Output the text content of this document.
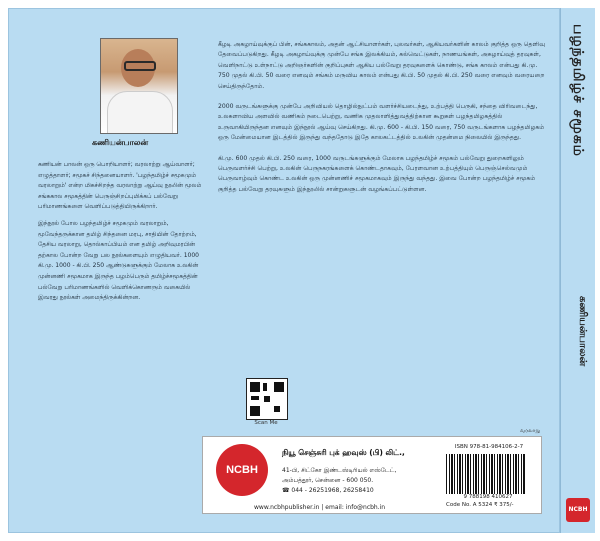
கணியன்பாலன்

கணியன் பாலன் ஒரு பொறியாளர்; வரலாற்று ஆய்வாளர்; எழுத்தாளர்; சமூகச் சிந்தனையாளர். 'பழந்தமிழ்ச் சமூகமும் வரலாறும்' என்ற மிகச்சிறந்த வரலாற்று ஆய்வு நூலின் மூலம் சங்ககால சமூகத்தின் பெருஞ்சிறப்புமிக்கப் பல்வேறு பரிமாணங்களை வெளிப்படுத்தியிருக்கிறார்.

இந்நூல் போல பழந்தமிழ்ச் சமூகமும் வரலாறும், மூவேந்தருக்கான தமிழ் சிந்தனை மரபு, சாதியின் தோற்றம், தேசிய வரலாறு, தொல்காப்பியம் என தமிழ் அறிவுமரபின் தற்கால போன்ற வேறு பல நூல்களையும் எழுதியவர். 1000 கி.மு. 1000 - கி.பி. 250 ஆண்டுகளுக்கும் மேலாக உலகின் முன்னணி சமூகமாக இருந்த பழம்பெரும் தமிழ்ச்சமூகத்தின் பல்வேறு பரிமாணங்களில் வெளிக்கொணரும் வகையில் இவரது நூல்கள் அமைந்திருக்கின்றன.

கீழடி அகழாய்வுக்குப் பின், சங்ககாலம், அதன் ஆட்சியாளர்கள், புலவர்கள், ஆகியவர்களின் காலம் குறித்த ஒரு தெளிவு தேவைப்படுகிறது. கீழடி அகழாய்வுக்கு முன்பே சங்க இலக்கியம், கல்வெட்டுகள், நாணயங்கள், அகழாய்வுத் தரவுகள், வெளிநாட்டு உள்நாட்டு அறிஞர்களின் குறிப்புகள் ஆகிய பல்வேறு தரவுகளைக் கொண்டு, சங்க காலம் என்பது கி.மு. 750 முதல் கி.பி. 50 வரை எனவும் சங்கம் மருவிய காலம் என்பது கி.பி. 50 முதல் கி.பி. 250 வரை எனவும் வரையறை செய்திருந்தோம்.

2000 வருடங்களுக்கு முன்பே அறிவியல் தொழில்நுட்பம் வளர்ச்சியடைந்து, உற்பத்தி பெருகி, சந்தை விரிவடைந்து, உலகளாவிய அளவில் வணிகம் நடைபெற்று, வணிக முதலாளித்துவத்திற்கான கூறுகள் பழந்தமிழகத்தில் உருவாகியிருந்தன எனவும் இந்நூல் ஆய்வு செய்கிறது. கி.மு. 600 - கி.பி. 150 வரை, 750 வருடங்களாக பழந்தமிழகம் ஒரு மேன்மையான இடத்தில் இருந்து வந்ததோடு இதே காலகட்டத்தில் உலகின் முதன்மை நிலையில் இருந்தது.

கி.மு. 600 முதல் கி.பி. 250 வரை, 1000 வருடங்களுக்கும் மேலாக பழந்தமிழ்ச் சமூகம் பல்வேறு துறைகளிலும் பெருவளர்ச்சி பெற்று, உலகின் பெருநகரங்களைக் கொண்டதாகவும், பேரளவான உற்பத்தியும் பெருஞ்செல்வமும் பெருவாழ்வும் கொண்ட உலகின் ஒரு முன்னணிச் சமூகமாகவும் இருந்து வந்தது. இவை போன்ற பழந்தமிழ்ச் சமூகம் குறித்த பல்வேறு தரவுகளும் இந்நூலில் சான்றுகளுடன் வழங்கப்பட்டுள்ளன.

Scan Me
NCBH
நியூ செஞ்சுரி புக் ஹவுஸ் (பி) லிட்.,
41-பி, சிட்கோ இண்டஸ்டிரியல் எஸ்டேட்,
அம்பத்தூர், சென்னை - 600 050.
☎ 044 - 26251968, 26258410
www.ncbhpublisher.in | email: info@ncbh.in
ISBN 978-81-984106-2-7
9 788198 410627
Code No. A 5324 ₹ 375/-
வரலாறு
பழந்தமிழ்ச் சமூகம்
கணியன்பாலன்
NCBH
